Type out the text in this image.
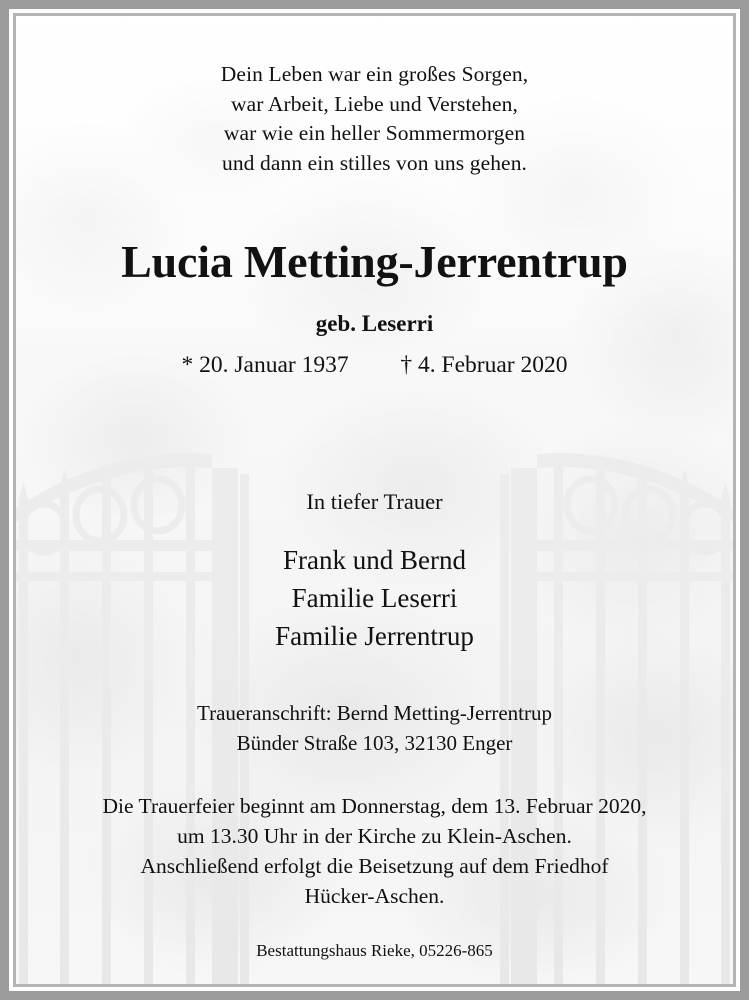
Dein Leben war ein großes Sorgen,
war Arbeit, Liebe und Verstehen,
war wie ein heller Sommermorgen
und dann ein stilles von uns gehen.
Lucia Metting-Jerrentrup
geb. Leserri
* 20. Januar 1937 † 4. Februar 2020
In tiefer Trauer
Frank und Bernd
Familie Leserri
Familie Jerrentrup
Traueranschrift: Bernd Metting-Jerrentrup
Bünder Straße 103, 32130 Enger
Die Trauerfeier beginnt am Donnerstag, dem 13. Februar 2020,
um 13.30 Uhr in der Kirche zu Klein-Aschen.
Anschließend erfolgt die Beisetzung auf dem Friedhof
Hücker-Aschen.
Bestattungshaus Rieke, 05226-865
